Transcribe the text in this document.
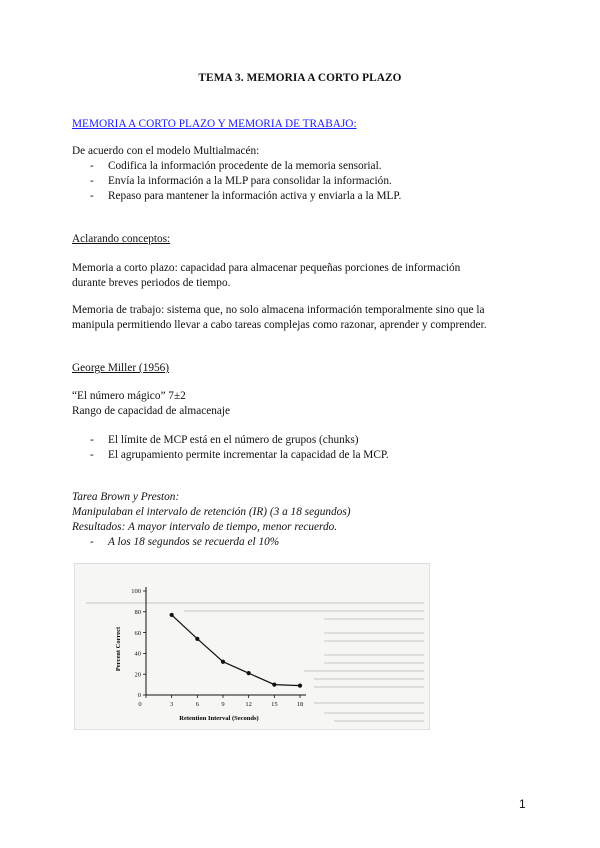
TEMA 3. MEMORIA A CORTO PLAZO

MEMORIA A CORTO PLAZO Y MEMORIA DE TRABAJO:

De acuerdo con el modelo Multialmacén:

- Codifica la información procedente de la memoria sensorial.

- Envía la información a la MLP para consolidar la información.

- Repaso para mantener la información activa y enviarla a la MLP.

Aclarando conceptos:

Memoria a corto plazo: capacidad para almacenar pequeñas porciones de información

durante breves periodos de tiempo.

Memoria de trabajo: sistema que, no solo almacena información temporalmente sino que la

manipula permitiendo llevar a cabo tareas complejas como razonar, aprender y comprender.

George Miller (1956)

“El número mágico” 7±2

Rango de capacidad de almacenaje

- El límite de MCP está en el número de grupos (chunks)

- El agrupamiento permite incrementar la capacidad de la MCP.

Tarea Brown y Preston:

Manipulaban el intervalo de retención (IR) (3 a 18 segundos)

Resultados: A mayor intervalo de tiempo, menor recuerdo.

- A los 18 segundos se recuerda el 10%

0
20
40
60
80
100
0	3	6	9	12	15	18
Percent Correct
Retention Interval (Seconds)

1
